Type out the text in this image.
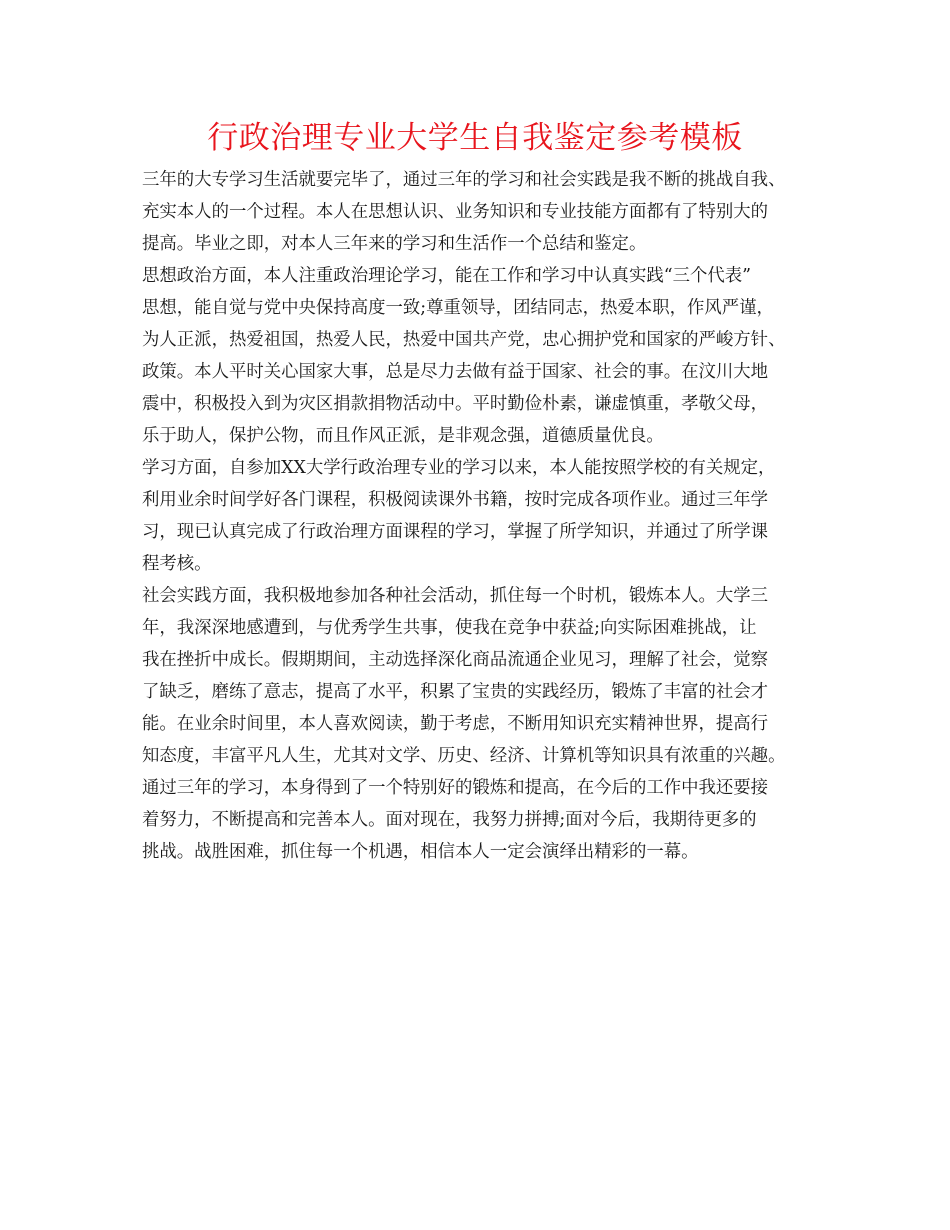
行政治理专业大学生自我鉴定参考模板
三年的大专学习生活就要完毕了，通过三年的学习和社会实践是我不断的挑战自我、
充实本人的一个过程。本人在思想认识、业务知识和专业技能方面都有了特别大的
提高。毕业之即，对本人三年来的学习和生活作一个总结和鉴定。
思想政治方面，本人注重政治理论学习，能在工作和学习中认真实践“三个代表”
思想，能自觉与党中央保持高度一致;尊重领导，团结同志，热爱本职，作风严谨，
为人正派，热爱祖国，热爱人民，热爱中国共产党，忠心拥护党和国家的严峻方针、
政策。本人平时关心国家大事，总是尽力去做有益于国家、社会的事。在汶川大地
震中，积极投入到为灾区捐款捐物活动中。平时勤俭朴素，谦虚慎重，孝敬父母，
乐于助人，保护公物，而且作风正派，是非观念强，道德质量优良。
学习方面，自参加XX大学行政治理专业的学习以来，本人能按照学校的有关规定，
利用业余时间学好各门课程，积极阅读课外书籍，按时完成各项作业。通过三年学
习，现已认真完成了行政治理方面课程的学习，掌握了所学知识，并通过了所学课
程考核。
社会实践方面，我积极地参加各种社会活动，抓住每一个时机，锻炼本人。大学三
年，我深深地感遭到，与优秀学生共事，使我在竞争中获益;向实际困难挑战，让
我在挫折中成长。假期期间，主动选择深化商品流通企业见习，理解了社会，觉察
了缺乏，磨练了意志，提高了水平，积累了宝贵的实践经历，锻炼了丰富的社会才
能。在业余时间里，本人喜欢阅读，勤于考虑，不断用知识充实精神世界，提高行
知态度，丰富平凡人生，尤其对文学、历史、经济、计算机等知识具有浓重的兴趣。
通过三年的学习，本身得到了一个特别好的锻炼和提高，在今后的工作中我还要接
着努力，不断提高和完善本人。面对现在，我努力拼搏;面对今后，我期待更多的
挑战。战胜困难，抓住每一个机遇，相信本人一定会演绎出精彩的一幕。
